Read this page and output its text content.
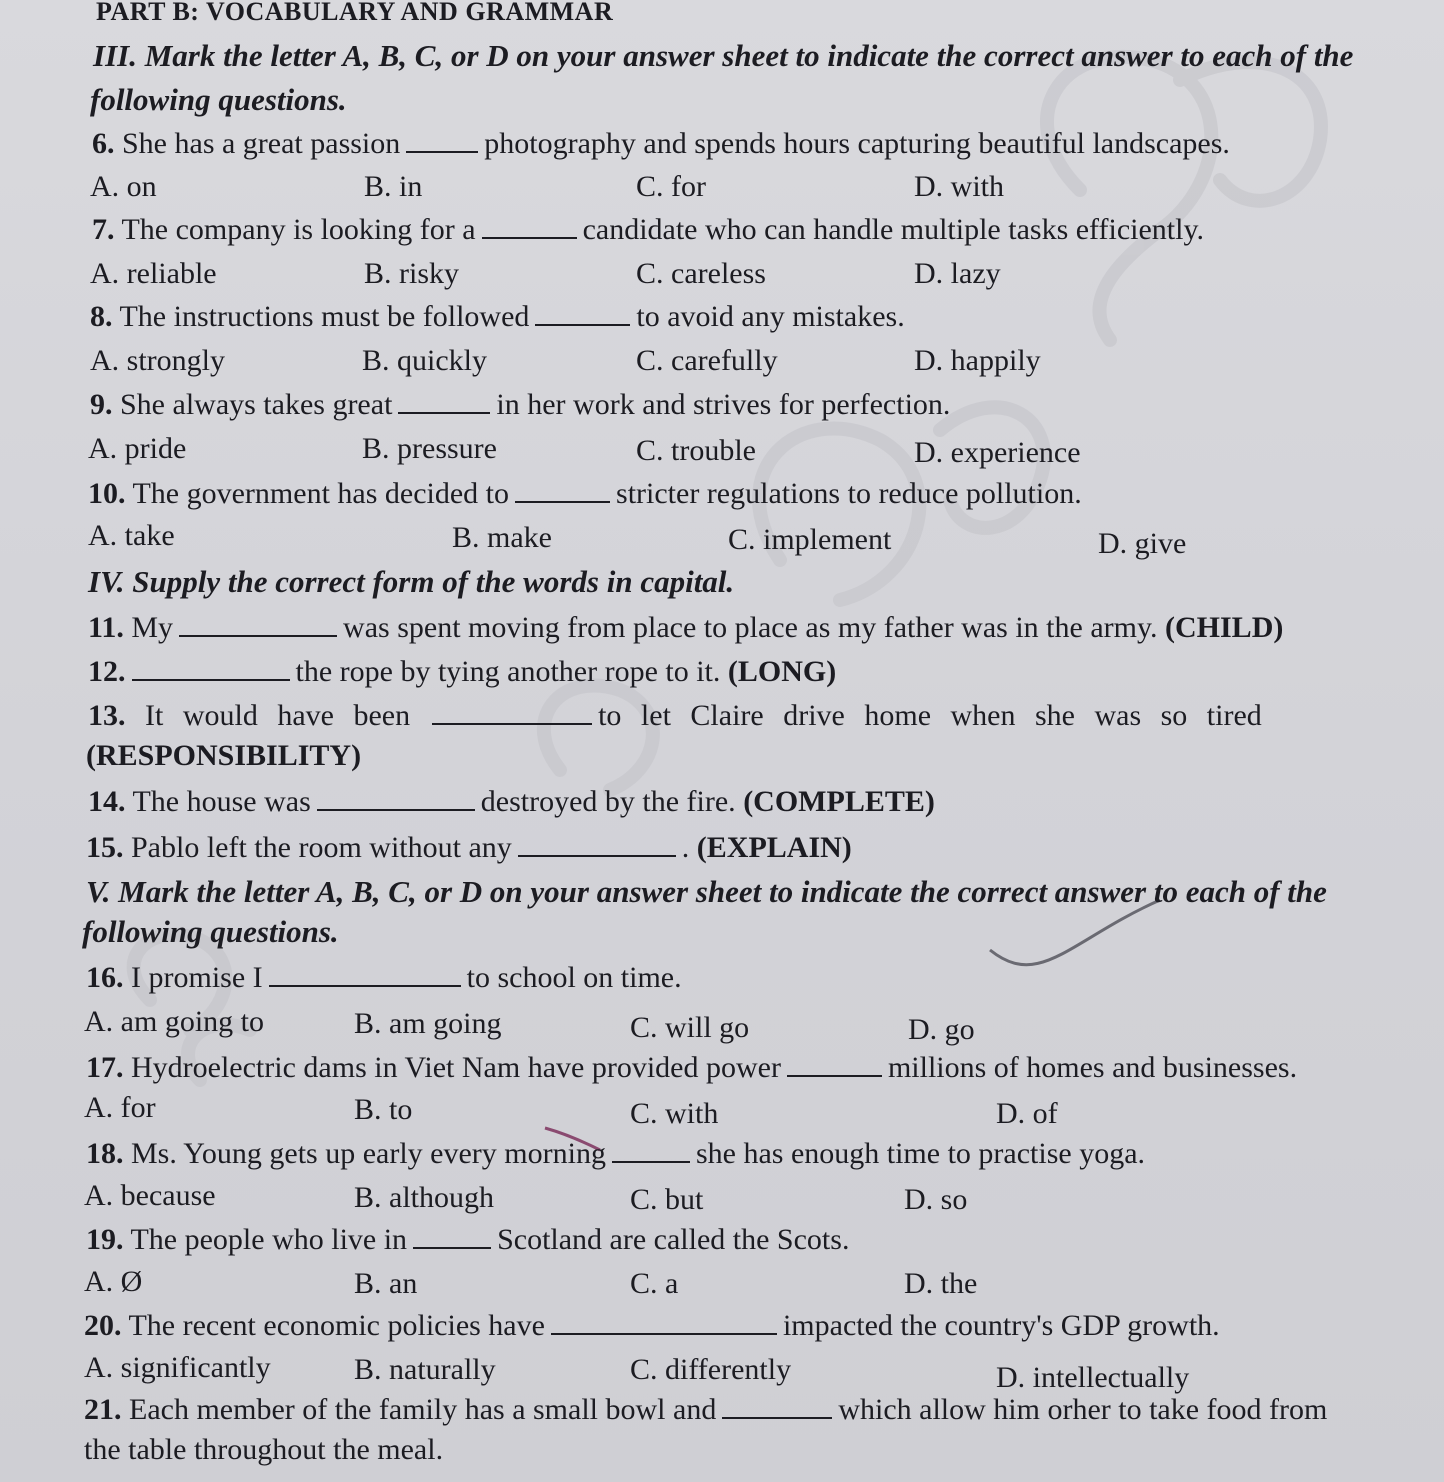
PART B: VOCABULARY AND GRAMMAR
III. Mark the letter A, B, C, or D on your answer sheet to indicate the correct answer to each of the
following questions.
6. She has a great passion	photography and spends hours capturing beautiful landscapes.
A. on	B. in	C. for	D. with
7. The company is looking for a	candidate who can handle multiple tasks efficiently.
A. reliable	B. risky	C. careless	D. lazy
8. The instructions must be followed	to avoid any mistakes.
A. strongly	B. quickly	C. carefully	D. happily
9. She always takes great	in her work and strives for perfection.
A. pride	B. pressure	C. trouble	D. experience
10. The government has decided to	stricter regulations to reduce pollution.
A. take	B. make	C. implement	D. give
IV. Supply the correct form of the words in capital.
11. My	was spent moving from place to place as my father was in the army. (CHILD)
12.	the rope by tying another rope to it. (LONG)
13. It would have been	to let Claire drive home when she was so tired
(RESPONSIBILITY)
14. The house was	destroyed by the fire. (COMPLETE)
15. Pablo left the room without any	. (EXPLAIN)
V. Mark the letter A, B, C, or D on your answer sheet to indicate the correct answer to each of the
following questions.
16. I promise I	to school on time.
A. am going to	B. am going	C. will go	D. go
17. Hydroelectric dams in Viet Nam have provided power	millions of homes and businesses.
A. for	B. to	C. with	D. of
18. Ms. Young gets up early every morning	she has enough time to practise yoga.
A. because	B. although	C. but	D. so
19. The people who live in	Scotland are called the Scots.
A. Ø	B. an	C. a	D. the
20. The recent economic policies have	impacted the country's GDP growth.
A. significantly	B. naturally	C. differently	D. intellectually
21. Each member of the family has a small bowl and	which allow him orher to take food from
the table throughout the meal.
